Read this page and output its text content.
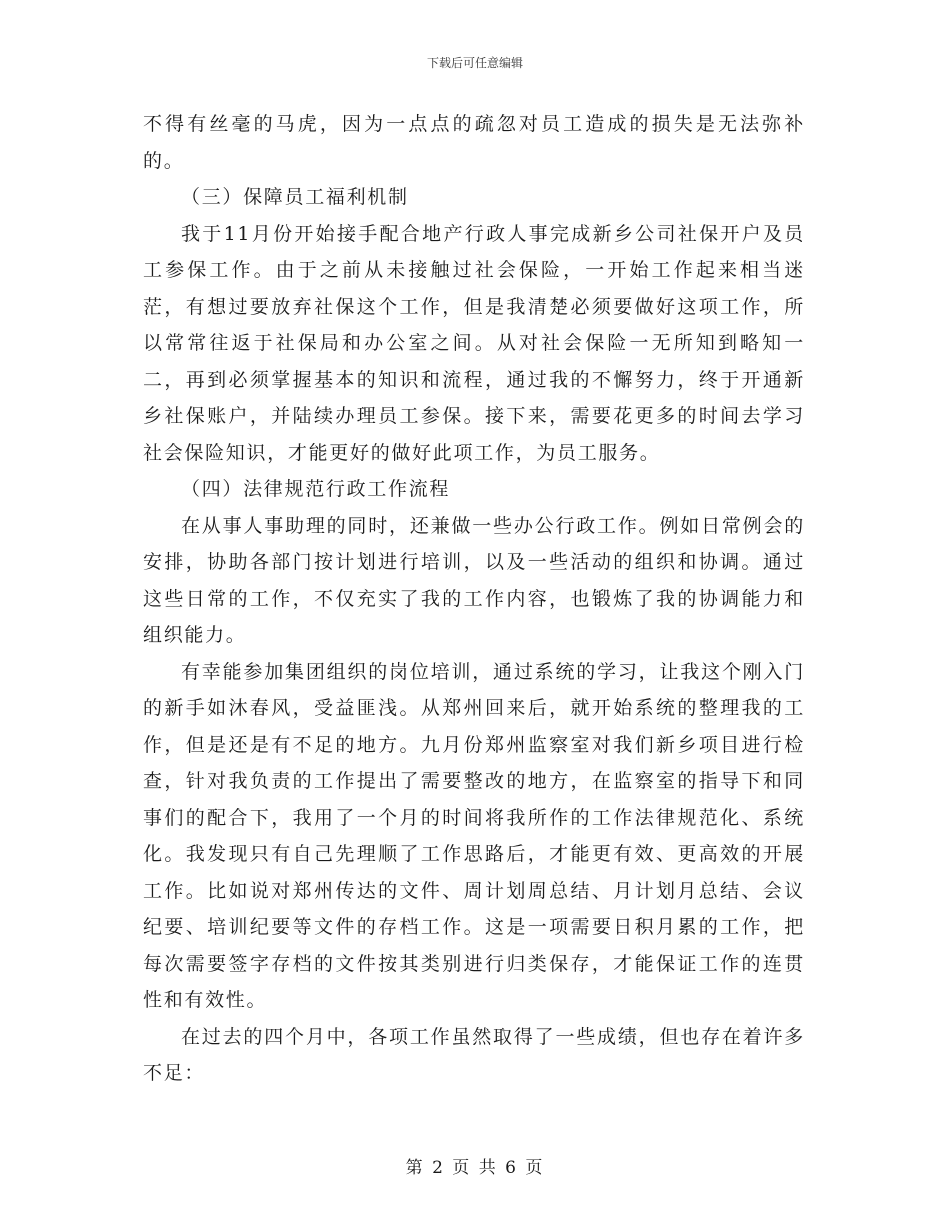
下载后可任意编辑

不得有丝毫的马虎，因为一点点的疏忽对员工造成的损失是无法弥补的。

（三）保障员工福利机制

我于11月份开始接手配合地产行政人事完成新乡公司社保开户及员工参保工作。由于之前从未接触过社会保险，一开始工作起来相当迷茫，有想过要放弃社保这个工作，但是我清楚必须要做好这项工作，所以常常往返于社保局和办公室之间。从对社会保险一无所知到略知一二，再到必须掌握基本的知识和流程，通过我的不懈努力，终于开通新乡社保账户，并陆续办理员工参保。接下来，需要花更多的时间去学习社会保险知识，才能更好的做好此项工作，为员工服务。

（四）法律规范行政工作流程

在从事人事助理的同时，还兼做一些办公行政工作。例如日常例会的安排，协助各部门按计划进行培训，以及一些活动的组织和协调。通过这些日常的工作，不仅充实了我的工作内容，也锻炼了我的协调能力和组织能力。

有幸能参加集团组织的岗位培训，通过系统的学习，让我这个刚入门的新手如沐春风，受益匪浅。从郑州回来后，就开始系统的整理我的工作，但是还是有不足的地方。九月份郑州监察室对我们新乡项目进行检查，针对我负责的工作提出了需要整改的地方，在监察室的指导下和同事们的配合下，我用了一个月的时间将我所作的工作法律规范化、系统化。我发现只有自己先理顺了工作思路后，才能更有效、更高效的开展工作。比如说对郑州传达的文件、周计划周总结、月计划月总结、会议纪要、培训纪要等文件的存档工作。这是一项需要日积月累的工作，把每次需要签字存档的文件按其类别进行归类保存，才能保证工作的连贯性和有效性。

在过去的四个月中，各项工作虽然取得了一些成绩，但也存在着许多不足：

第 2 页 共 6 页
